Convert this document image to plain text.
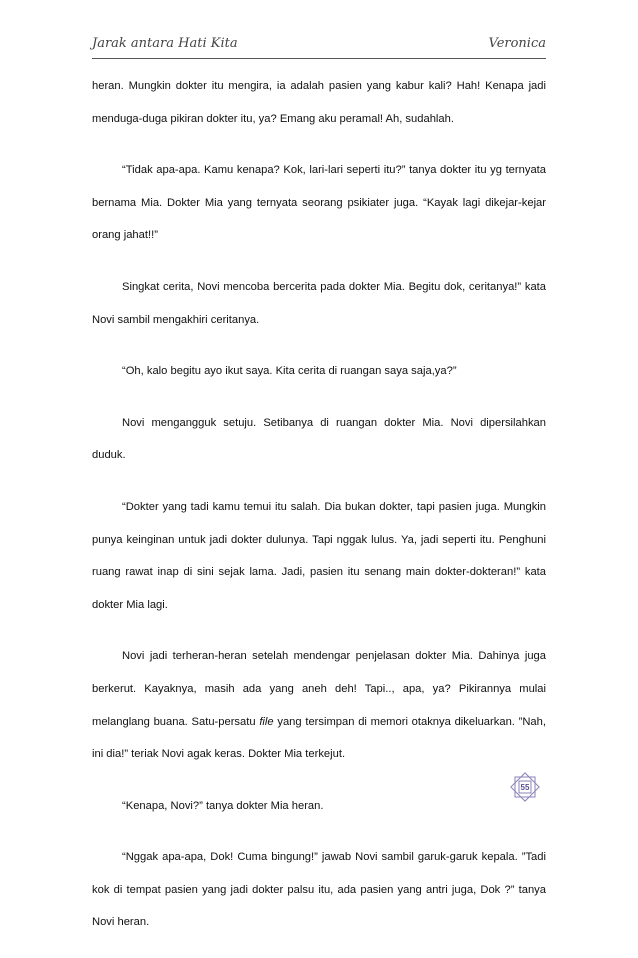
Jarak antara Hati Kita	Veronica

heran. Mungkin dokter itu mengira, ia adalah pasien yang kabur kali? Hah! Kenapa jadi menduga-duga pikiran dokter itu, ya? Emang aku peramal! Ah, sudahlah.

“Tidak apa-apa. Kamu kenapa? Kok, lari-lari seperti itu?” tanya dokter itu yg ternyata bernama Mia. Dokter Mia yang ternyata seorang psikiater juga. “Kayak lagi dikejar-kejar orang jahat!!”

Singkat cerita, Novi mencoba bercerita pada dokter Mia. Begitu dok, ceritanya!” kata Novi sambil mengakhiri ceritanya.

“Oh, kalo begitu ayo ikut saya. Kita cerita di ruangan saya saja,ya?”

Novi mengangguk setuju. Setibanya di ruangan dokter Mia. Novi dipersilahkan duduk.

“Dokter yang tadi kamu temui itu salah. Dia bukan dokter, tapi pasien juga. Mungkin punya keinginan untuk jadi dokter dulunya. Tapi nggak lulus. Ya, jadi seperti itu. Penghuni ruang rawat inap di sini sejak lama. Jadi, pasien itu senang main dokter-dokteran!” kata dokter Mia lagi.

Novi jadi terheran-heran setelah mendengar penjelasan dokter Mia. Dahinya juga berkerut. Kayaknya, masih ada yang aneh deh! Tapi.., apa, ya? Pikirannya mulai melanglang buana. Satu-persatu file yang tersimpan di memori otaknya dikeluarkan. ”Nah, ini dia!” teriak Novi agak keras. Dokter Mia terkejut.

“Kenapa, Novi?” tanya dokter Mia heran.

“Nggak apa-apa, Dok! Cuma bingung!” jawab Novi sambil garuk-garuk kepala. ”Tadi kok di tempat pasien yang jadi dokter palsu itu, ada pasien yang antri juga, Dok ?” tanya Novi heran.

55
